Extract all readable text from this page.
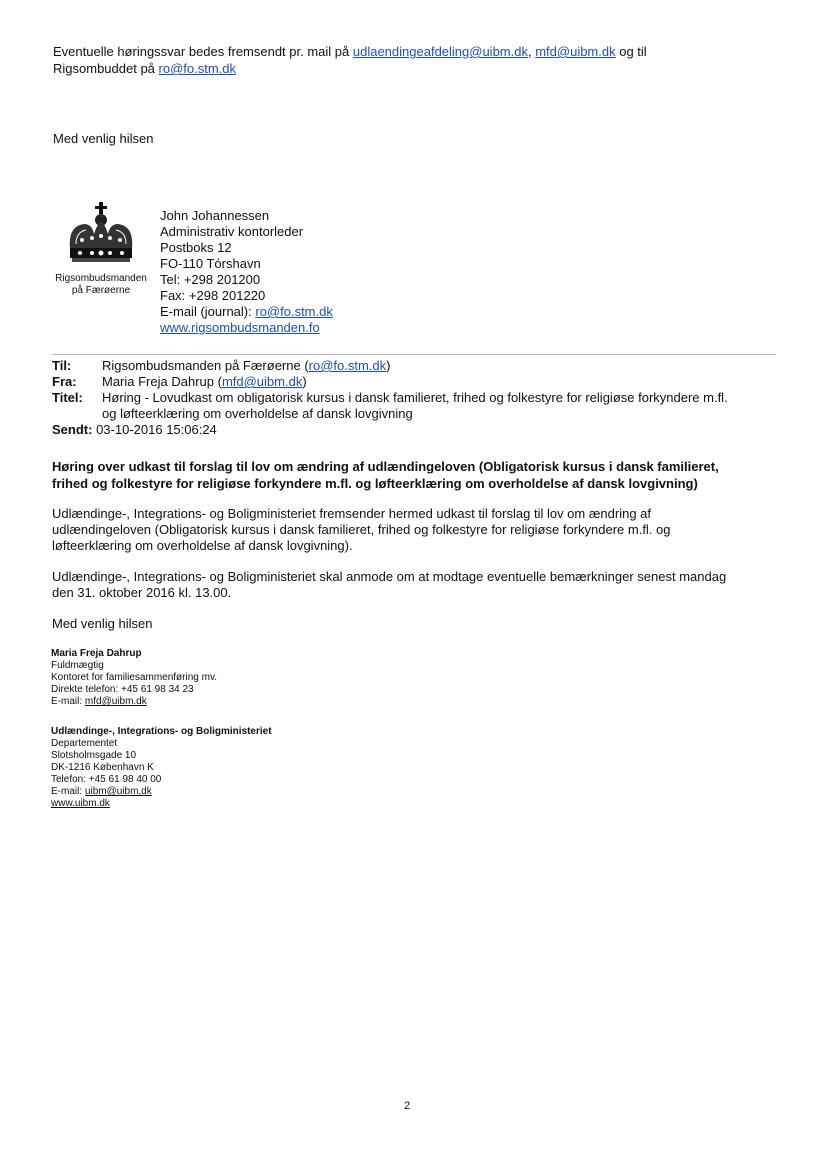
Eventuelle høringssvar bedes fremsendt pr. mail på udlaendingeafdeling@uibm.dk, mfd@uibm.dk og til
Rigsombuddet på ro@fo.stm.dk
Med venlig hilsen
Rigsombudsmanden
på Færøerne
John Johannessen
Administrativ kontorleder
Postboks 12
FO-110 Tórshavn
Tel: +298 201200
Fax: +298 201220
E-mail (journal): ro@fo.stm.dk
www.rigsombudsmanden.fo
Til: Rigsombudsmanden på Færøerne (ro@fo.stm.dk)
Fra: Maria Freja Dahrup (mfd@uibm.dk)
Titel: Høring - Lovudkast om obligatorisk kursus i dansk familieret, frihed og folkestyre for religiøse forkyndere m.fl.
og løfteerklæring om overholdelse af dansk lovgivning
Sendt: 03-10-2016 15:06:24
Høring over udkast til forslag til lov om ændring af udlændingeloven (Obligatorisk kursus i dansk familieret,
frihed og folkestyre for religiøse forkyndere m.fl. og løfteerklæring om overholdelse af dansk lovgivning)
Udlændinge-, Integrations- og Boligministeriet fremsender hermed udkast til forslag til lov om ændring af
udlændingeloven (Obligatorisk kursus i dansk familieret, frihed og folkestyre for religiøse forkyndere m.fl. og
løfteerklæring om overholdelse af dansk lovgivning).
Udlændinge-, Integrations- og Boligministeriet skal anmode om at modtage eventuelle bemærkninger senest mandag
den 31. oktober 2016 kl. 13.00.
Med venlig hilsen
Maria Freja Dahrup
Fuldmægtig
Kontoret for familiesammenføring mv.
Direkte telefon: +45 61 98 34 23
E-mail: mfd@uibm.dk
Udlændinge-, Integrations- og Boligministeriet
Departementet
Slotsholmsgade 10
DK-1216 København K
Telefon: +45 61 98 40 00
E-mail: uibm@uibm.dk
www.uibm.dk
2
